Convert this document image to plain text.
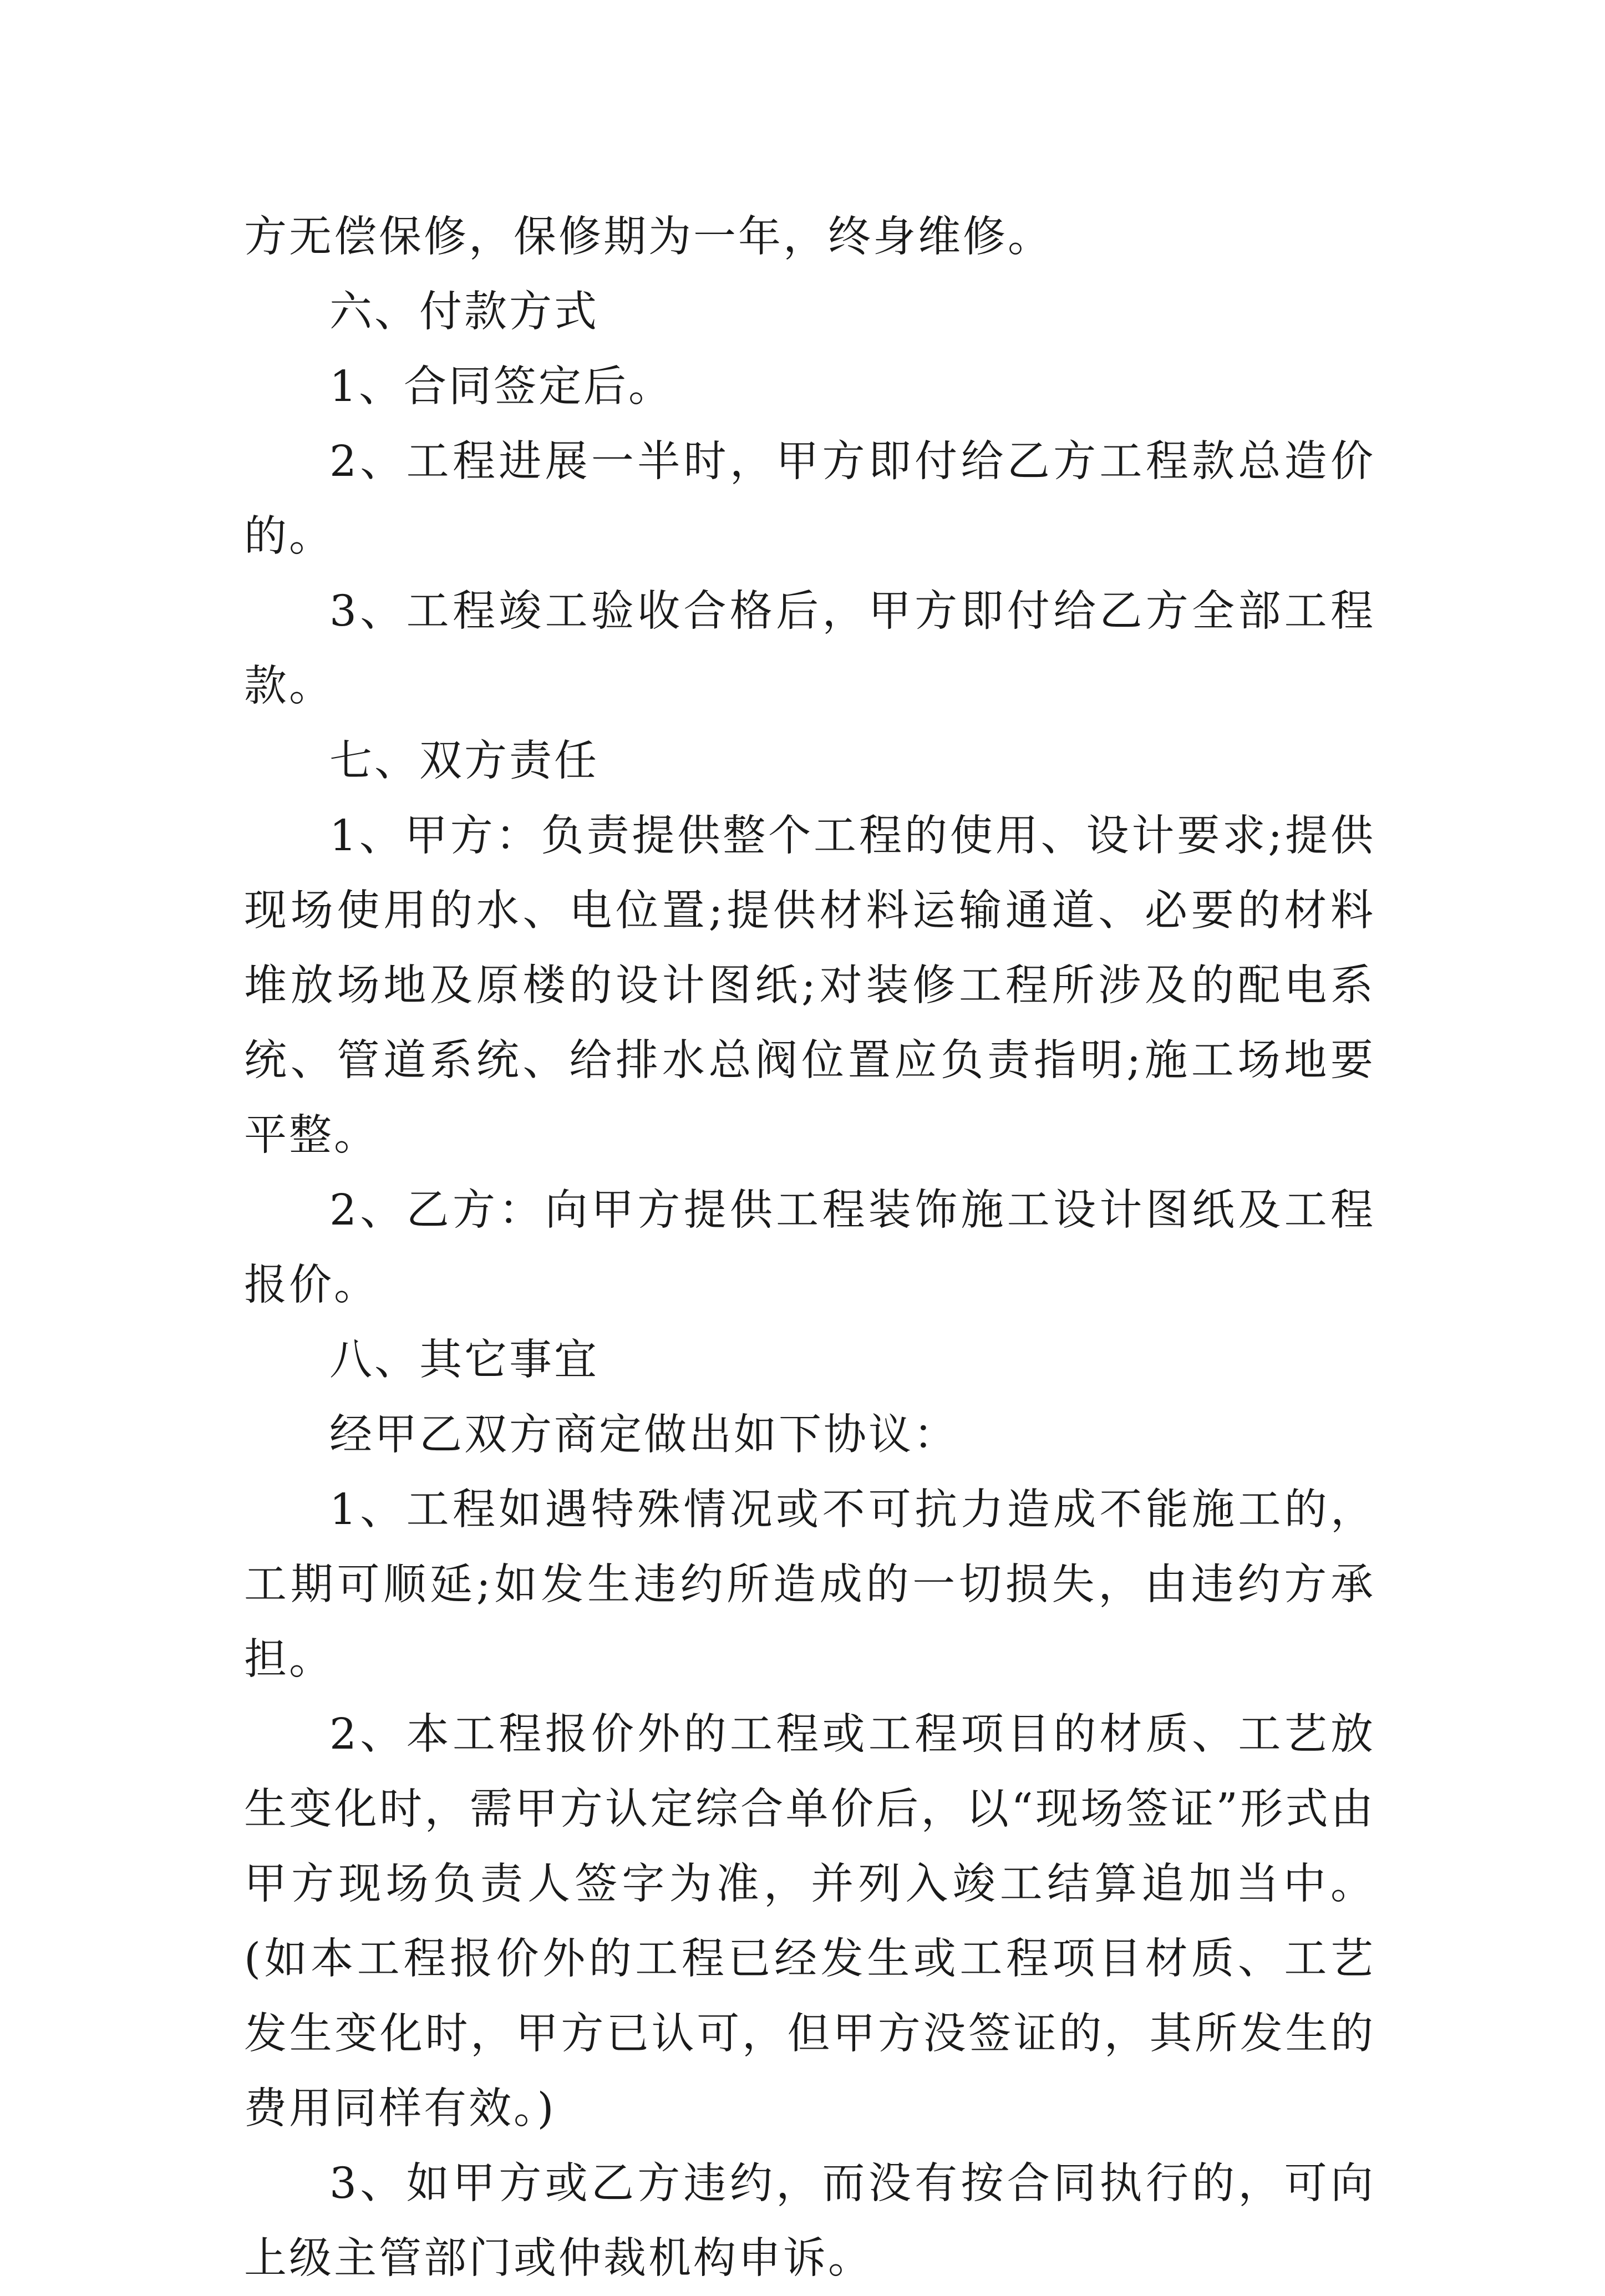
方无偿保修，保修期为一年，终身维修。

六、付款方式

1、合同签定后。

2、工程进展一半时，甲方即付给乙方工程款总造价的。

3、工程竣工验收合格后，甲方即付给乙方全部工程款。

七、双方责任

1、甲方：负责提供整个工程的使用、设计要求;提供现场使用的水、电位置;提供材料运输通道、必要的材料堆放场地及原楼的设计图纸;对装修工程所涉及的配电系统、管道系统、给排水总阀位置应负责指明;施工场地要平整。

2、乙方：向甲方提供工程装饰施工设计图纸及工程报价。

八、其它事宜

经甲乙双方商定做出如下协议：

1、工程如遇特殊情况或不可抗力造成不能施工的，工期可顺延;如发生违约所造成的一切损失，由违约方承担。

2、本工程报价外的工程或工程项目的材质、工艺放生变化时，需甲方认定综合单价后，以“现场签证”形式由甲方现场负责人签字为准，并列入竣工结算追加当中。(如本工程报价外的工程已经发生或工程项目材质、工艺发生变化时，甲方已认可，但甲方没签证的，其所发生的费用同样有效。)

3、如甲方或乙方违约，而没有按合同执行的，可向上级主管部门或仲裁机构申诉。
